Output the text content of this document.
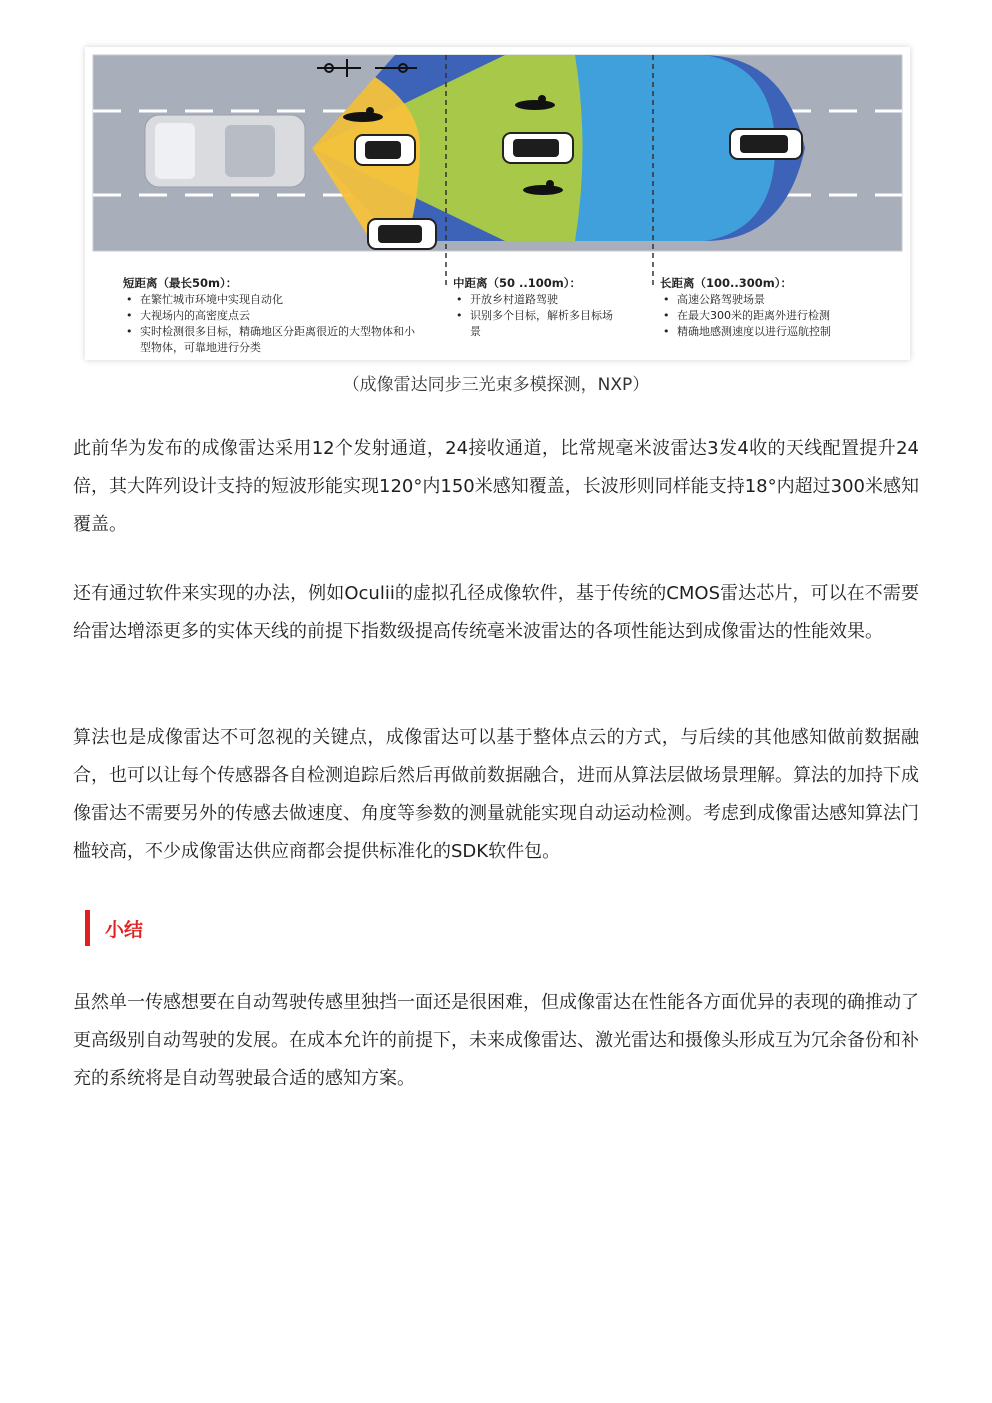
短距离（最长50m）：
• 在繁忙城市环境中实现自动化
• 大视场内的高密度点云
• 实时检测很多目标，精确地区分距离很近的大型物体和小型物体，可靠地进行分类
中距离（50 ..100m）：
• 开放乡村道路驾驶
• 识别多个目标，解析多目标场景
长距离（100..300m）：
• 高速公路驾驶场景
• 在最大300米的距离外进行检测
• 精确地感测速度以进行巡航控制
（成像雷达同步三光束多模探测，NXP）

此前华为发布的成像雷达采用12个发射通道，24接收通道，比常规毫米波雷达3发4收的天线配置提升24倍，其大阵列设计支持的短波形能实现120°内150米感知覆盖，长波形则同样能支持18°内超过300米感知覆盖。

还有通过软件来实现的办法，例如Oculii的虚拟孔径成像软件，基于传统的CMOS雷达芯片，可以在不需要给雷达增添更多的实体天线的前提下指数级提高传统毫米波雷达的各项性能达到成像雷达的性能效果。

算法也是成像雷达不可忽视的关键点，成像雷达可以基于整体点云的方式，与后续的其他感知做前数据融合，也可以让每个传感器各自检测追踪后然后再做前数据融合，进而从算法层做场景理解。算法的加持下成像雷达不需要另外的传感去做速度、角度等参数的测量就能实现自动运动检测。考虑到成像雷达感知算法门槛较高，不少成像雷达供应商都会提供标准化的SDK软件包。

小结

虽然单一传感想要在自动驾驶传感里独挡一面还是很困难，但成像雷达在性能各方面优异的表现的确推动了更高级别自动驾驶的发展。在成本允许的前提下，未来成像雷达、激光雷达和摄像头形成互为冗余备份和补充的系统将是自动驾驶最合适的感知方案。
